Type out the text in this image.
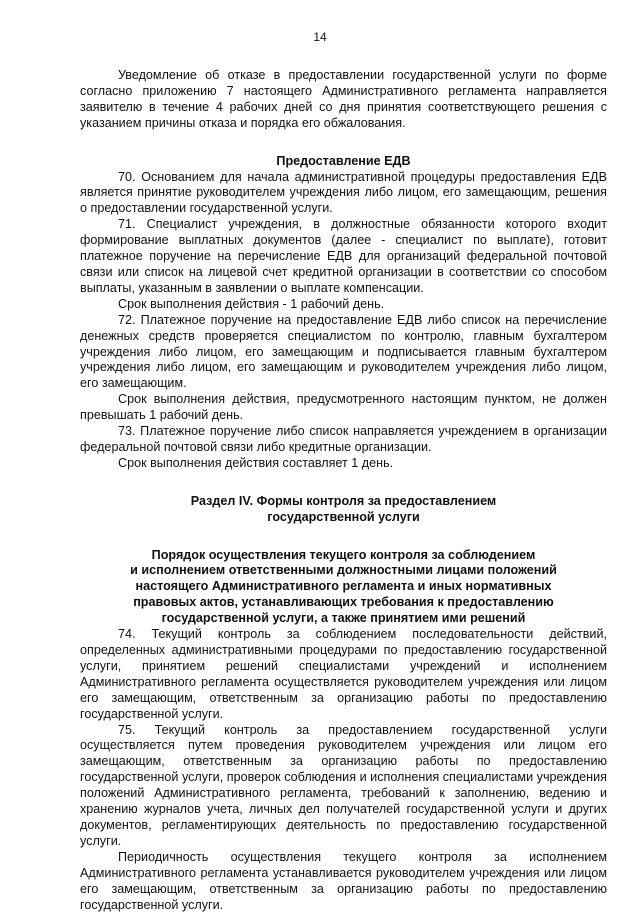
14

Уведомление об отказе в предоставлении государственной услуги по форме согласно приложению 7 настоящего Административного регламента направляется заявителю в течение 4 рабочих дней со дня принятия соответствующего решения с указанием причины отказа и порядка его обжалования.

Предоставление ЕДВ

70. Основанием для начала административной процедуры предоставления ЕДВ является принятие руководителем учреждения либо лицом, его замещающим, решения о предоставлении государственной услуги.

71. Специалист учреждения, в должностные обязанности которого входит формирование выплатных документов (далее - специалист по выплате), готовит платежное поручение на перечисление ЕДВ для организаций федеральной почтовой связи или список на лицевой счет кредитной организации в соответствии со способом выплаты, указанным в заявлении о выплате компенсации.

Срок выполнения действия - 1 рабочий день.

72. Платежное поручение на предоставление ЕДВ либо список на перечисление денежных средств проверяется специалистом по контролю, главным бухгалтером учреждения либо лицом, его замещающим и подписывается главным бухгалтером учреждения либо лицом, его замещающим и руководителем учреждения либо лицом, его замещающим.

Срок выполнения действия, предусмотренного настоящим пунктом, не должен превышать 1 рабочий день.

73. Платежное поручение либо список направляется учреждением в организации федеральной почтовой связи либо кредитные организации.

Срок выполнения действия составляет 1 день.

Раздел IV. Формы контроля за предоставлением
государственной услуги
Порядок осуществления текущего контроля за соблюдением
и исполнением ответственными должностными лицами положений
настоящего Административного регламента и иных нормативных
правовых актов, устанавливающих требования к предоставлению
государственной услуги, а также принятием ими решений

74. Текущий контроль за соблюдением последовательности действий, определенных административными процедурами по предоставлению государственной услуги, принятием решений специалистами учреждений и исполнением Административного регламента осуществляется руководителем учреждения или лицом его замещающим, ответственным за организацию работы по предоставлению государственной услуги.

75. Текущий контроль за предоставлением государственной услуги осуществляется путем проведения руководителем учреждения или лицом его замещающим, ответственным за организацию работы по предоставлению государственной услуги, проверок соблюдения и исполнения специалистами учреждения положений Административного регламента, требований к заполнению, ведению и хранению журналов учета, личных дел получателей государственной услуги и других документов, регламентирующих деятельность по предоставлению государственной услуги.

Периодичность осуществления текущего контроля за исполнением Административного регламента устанавливается руководителем учреждения или лицом его замещающим, ответственным за организацию работы по предоставлению государственной услуги.
